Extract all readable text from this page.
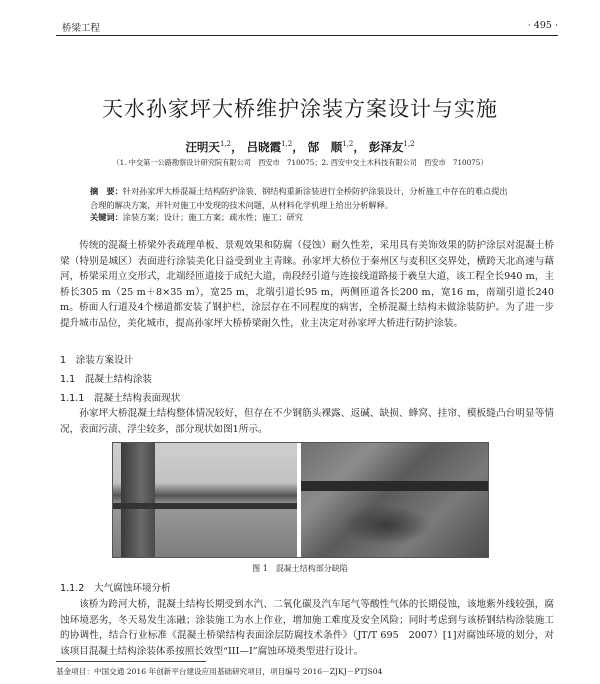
桥梁工程	· 495 ·
天水孙家坪大桥维护涂装方案设计与实施
汪明天$^{1,2}$， 吕晓霞$^{1,2}$， 郜　顺$^{1,2}$， 彭泽友$^{1,2}$
（1. 中交第一公路勘察设计研究院有限公司　西安市　710075；2. 西安中交土木科技有限公司　西安市　710075）
摘　要：针对孙家坪大桥混凝土结构防护涂装、钢结构重新涂装进行全桥防护涂装设计，分析施工中存在的难点提出合理的解决方案，并针对施工中发现的技术问题，从材料化学机理上给出分析解释。
关键词：涂装方案；设计；施工方案；疏水性；施工；研究
传统的混凝土桥梁外表疏理单板、景观效果和防腐（侵蚀）耐久性差，采用具有美饰效果的防护涂层对混凝土桥梁（特别是城区）表面进行涂装美化日益受到业主青睐。孙家坪大桥位于秦州区与麦积区交界处，横跨天北高速与藉河，桥梁采用立交形式，北端经匝道接于成纪大道，南段经引道与连接线道路接于羲皇大道，该工程全长940 m，主桥长305 m（25 m＋8×35 m），宽25 m，北端引道长95 m，两侧匝道各长200 m，宽16 m，南端引道长240 m。桥面人行道及4个梯道都安装了钢护栏，涂层存在不同程度的病害，全桥混凝土结构未做涂装防护。为了进一步提升城市品位，美化城市，提高孙家坪大桥桥梁耐久性，业主决定对孙家坪大桥进行防护涂装。
1　涂装方案设计
1.1　混凝土结构涂装
1.1.1　混凝土结构表面现状
孙家坪大桥混凝土结构整体情况较好，但存在不少钢筋头裸露、返碱、缺损、蜂窝、挂帘、模板缝凸台明显等情况，表面污渍、浮尘较多，部分现状如图1所示。
图 1　混凝土结构部分缺陷
1.1.2　大气腐蚀环境分析
该桥为跨河大桥，混凝土结构长期受到水汽、二氧化碳及汽车尾气等酸性气体的长期侵蚀，该地紫外线较强，腐蚀环境恶劣，冬天易发生冻融；涂装施工为水上作业，增加施工难度及安全风险；同时考虑到与该桥钢结构涂装施工的协调性，结合行业标准《混凝土桥梁结构表面涂层防腐技术条件》（JT/T 695　2007）[1]对腐蚀环境的划分，对该项目混凝土结构涂装体系按照长效型“III—I”腐蚀环境类型进行设计。
基金项目：中国交通 2016 年创新平台建设应用基础研究项目，项目编号 2016－ZJKJ－PTJS04
